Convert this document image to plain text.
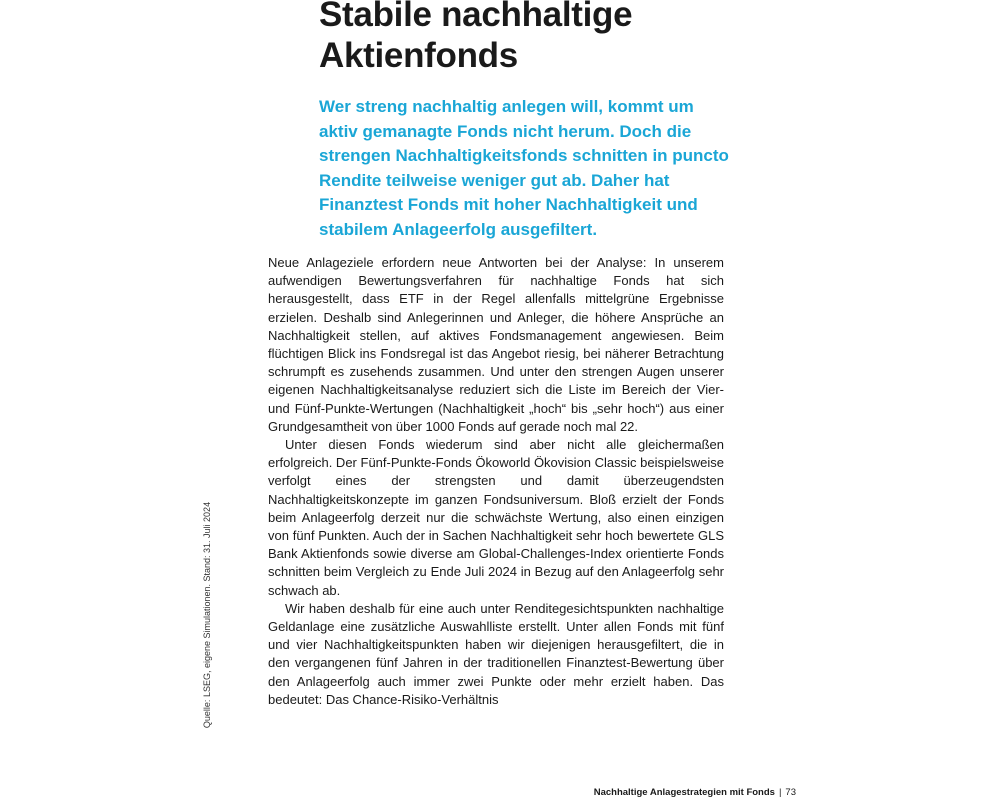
Stabile nachhaltige Aktienfonds

Wer streng nachhaltig anlegen will, kommt um aktiv gemanagte Fonds nicht herum. Doch die strengen Nachhaltigkeitsfonds schnitten in puncto Rendite teilweise weniger gut ab. Daher hat Finanztest Fonds mit hoher Nachhaltigkeit und stabilem Anlageerfolg ausgefiltert.

Neue Anlageziele erfordern neue Antworten bei der Analyse: In unserem aufwendigen Bewertungsverfahren für nachhaltige Fonds hat sich herausgestellt, dass ETF in der Regel allenfalls mittelgrüne Ergebnisse erzielen. Deshalb sind Anlegerinnen und Anleger, die höhere Ansprüche an Nachhaltigkeit stellen, auf aktives Fondsmanagement angewiesen. Beim flüchtigen Blick ins Fondsregal ist das Angebot riesig, bei näherer Betrachtung schrumpft es zusehends zusammen. Und unter den strengen Augen unserer eigenen Nachhaltigkeitsanalyse reduziert sich die Liste im Bereich der Vier- und Fünf-Punkte-Wertungen (Nachhaltigkeit „hoch“ bis „sehr hoch“) aus einer Grundgesamtheit von über 1000 Fonds auf gerade noch mal 22.

Unter diesen Fonds wiederum sind aber nicht alle gleichermaßen erfolgreich. Der Fünf-Punkte-Fonds Ökoworld Ökovision Classic beispielsweise verfolgt eines der strengsten und damit überzeugendsten Nachhaltigkeitskonzepte im ganzen Fondsuniversum. Bloß erzielt der Fonds beim Anlageerfolg derzeit nur die schwächste Wertung, also einen einzigen von fünf Punkten. Auch der in Sachen Nachhaltigkeit sehr hoch bewertete GLS Bank Aktienfonds sowie diverse am Global-Challenges-Index orientierte Fonds schnitten beim Vergleich zu Ende Juli 2024 in Bezug auf den Anlageerfolg sehr schwach ab.

Wir haben deshalb für eine auch unter Renditegesichtspunkten nachhaltige Geldanlage eine zusätzliche Auswahlliste erstellt. Unter allen Fonds mit fünf und vier Nachhaltigkeitspunkten haben wir diejenigen herausgefiltert, die in den vergangenen fünf Jahren in der traditionellen Finanztest-Bewertung über den Anlageerfolg auch immer zwei Punkte oder mehr erzielt haben. Das bedeutet: Das Chance-Risiko-Verhältnis

Quelle: LSEG, eigene Simulationen. Stand: 31. Juli 2024
Nachhaltige Anlagestrategien mit Fonds | 73
